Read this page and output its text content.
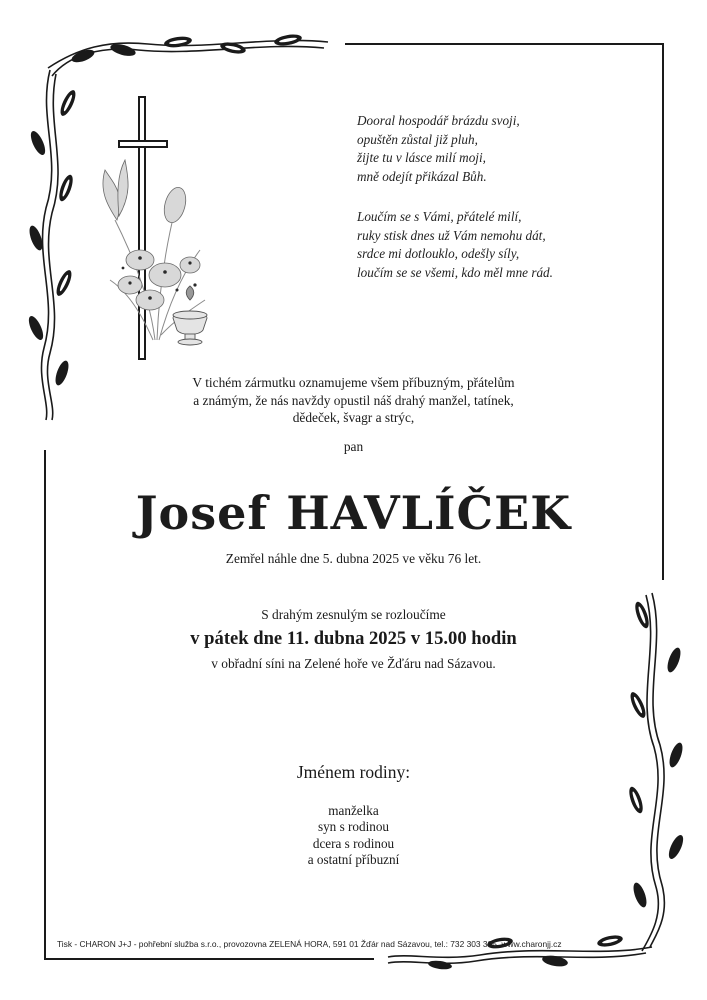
Dooral hospodář brázdu svoji,
opuštěn zůstal již pluh,
žijte tu v lásce milí moji,
mně odejít přikázal Bůh.
Loučím se s Vámi, přátelé milí,
ruky stisk dnes už Vám nemohu dát,
srdce mi dotlouklo, odešly síly,
loučím se se všemi, kdo měl mne rád.
V tichém zármutku oznamujeme všem příbuzným, přátelům
a známým, že nás navždy opustil náš drahý manžel, tatínek,
dědeček, švagr a strýc,
pan
Josef HAVLÍČEK
Zemřel náhle dne 5. dubna 2025 ve věku 76 let.
S drahým zesnulým se rozloučíme
v pátek dne 11. dubna 2025 v 15.00 hodin
v obřadní síni na Zelené hoře ve Žďáru nad Sázavou.
Jménem rodiny:
manželka
syn s rodinou
dcera s rodinou
a ostatní příbuzní
Tisk - CHARON J+J - pohřební služba s.r.o., provozovna ZELENÁ HORA, 591 01 Žďár nad Sázavou, tel.: 732 303 305, www.charonjj.cz
